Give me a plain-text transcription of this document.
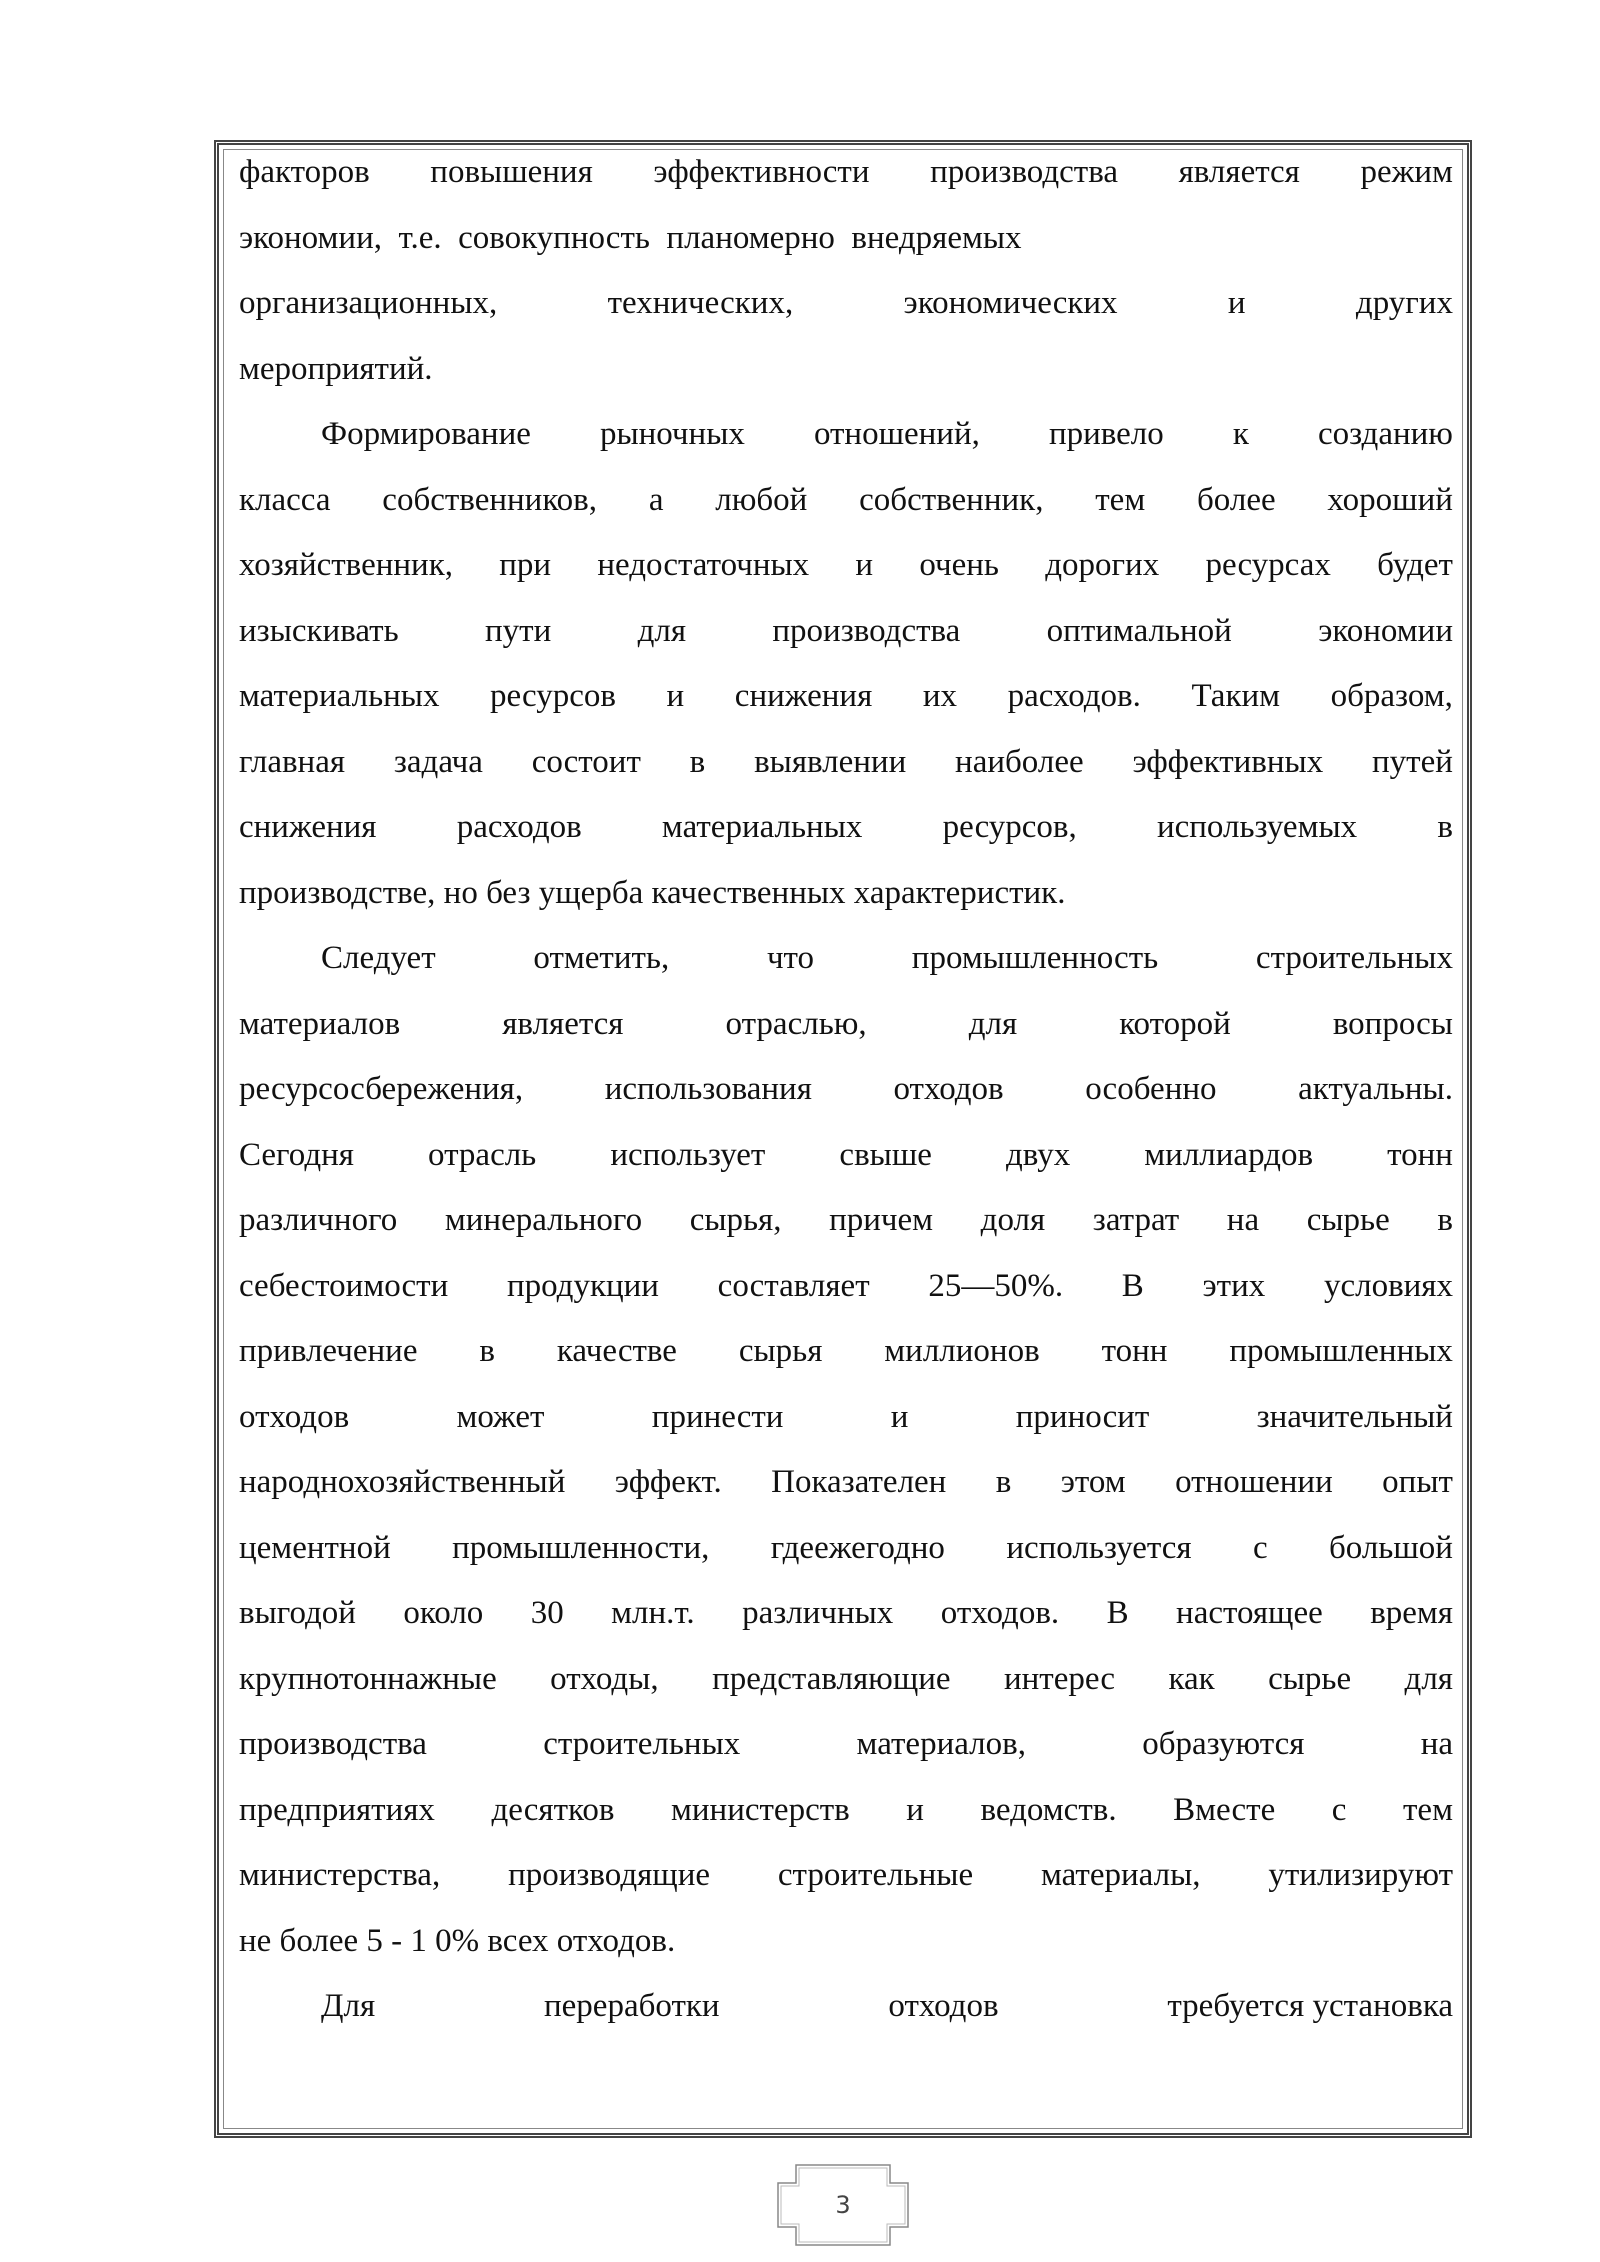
факторов повышения эффективности производства является режим
экономии,  т.е.  совокупность  планомерно  внедряемых
организационных,	технических,	экономических	и	других
мероприятий.
Формирование рыночных отношений, привело к созданию
класса собственников, а любой собственник, тем более хороший
хозяйственник, при недостаточных и очень дорогих ресурсах будет
изыскивать	пути	для	производства	оптимальной	экономии
материальных ресурсов и снижения их расходов. Таким образом,
главная задача состоит в выявлении наиболее эффективных путей
снижения расходов материальных ресурсов, используемых в
производстве, но без ущерба качественных характеристик.
Следует	отметить,	что	промышленность	строительных
материалов	является	отраслью,	для	которой	вопросы
ресурсосбережения, использования отходов особенно актуальны.
Сегодня отрасль использует свыше двух миллиардов тонн
различного минерального сырья, причем доля затрат на сырье в
себестоимости продукции составляет 25—50%. В этих условиях
привлечение в качестве сырья миллионов тонн промышленных
отходов	может	принести	и	приносит	значительный
народнохозяйственный эффект. Показателен в этом отношении опыт
цементной промышленности, гдеежегодно используется с большой
выгодой около 30 млн.т. различных отходов. В настоящее время
крупнотоннажные отходы, представляющие интерес как сырье для
производства	строительных	материалов,	образуются	на
предприятиях десятков министерств и ведомств. Вместе с тем
министерства, производящие строительные материалы, утилизируют
не более 5 - 1 0% всех отходов.
Для	переработки	отходов	требуется установка
3
